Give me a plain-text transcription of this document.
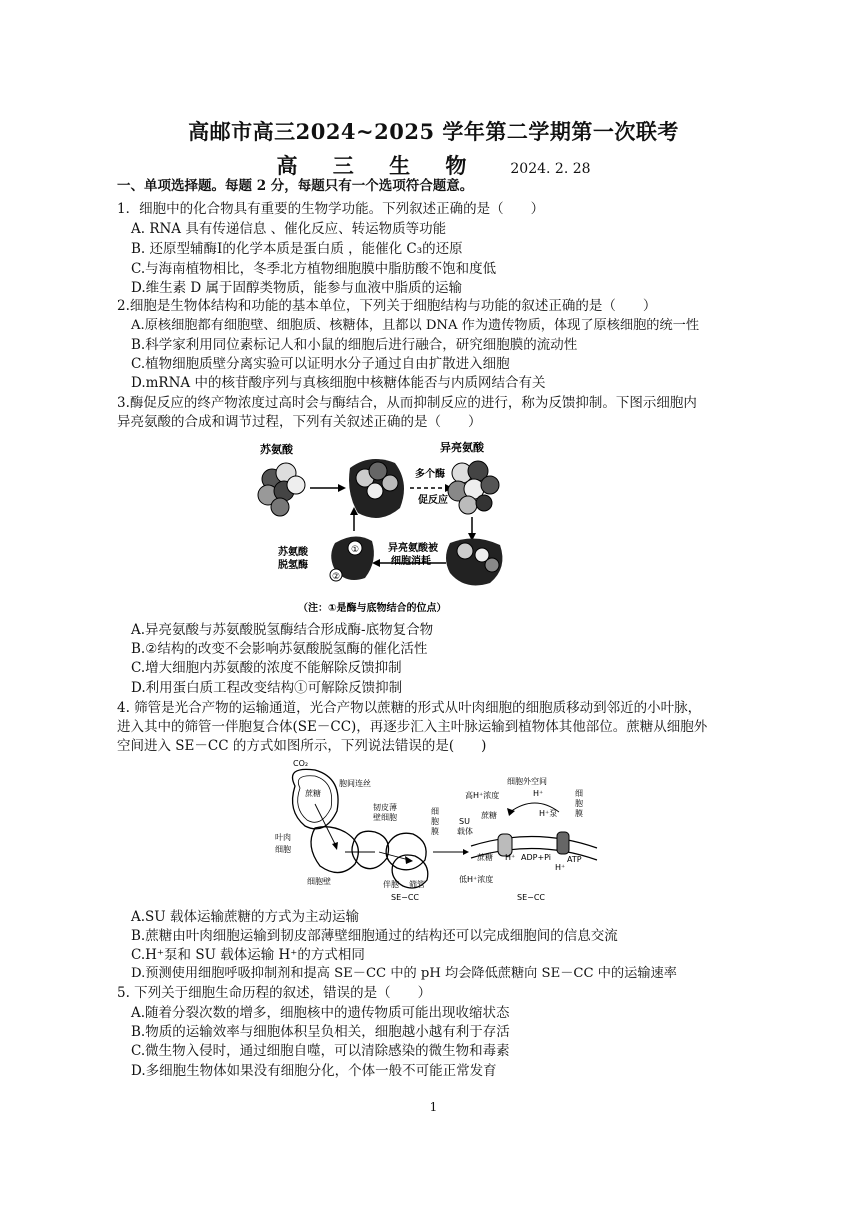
高邮市高三2024~2025 学年第二学期第一次联考
高 三 生 物 2024. 2. 28
一、单项选择题。每题 2 分，每题只有一个选项符合题意。
1．细胞中的化合物具有重要的生物学功能。下列叙述正确的是（　　）
A. RNA 具有传递信息 、催化反应、转运物质等功能
B. 还原型辅酶Ⅰ的化学本质是蛋白质 ，能催化 C₃的还原
C.与海南植物相比，冬季北方植物细胞膜中脂肪酸不饱和度低
D.维生素 D 属于固醇类物质，能参与血液中脂质的运输
2.细胞是生物体结构和功能的基本单位，下列关于细胞结构与功能的叙述正确的是（　　）
A.原核细胞都有细胞壁、细胞质、核糖体，且都以 DNA 作为遗传物质，体现了原核细胞的统一性
B.科学家利用同位素标记人和小鼠的细胞后进行融合，研究细胞膜的流动性
C.植物细胞质壁分离实验可以证明水分子通过自由扩散进入细胞
D.mRNA 中的核苷酸序列与真核细胞中核糖体能否与内质网结合有关
3.酶促反应的终产物浓度过高时会与酶结合，从而抑制反应的进行，称为反馈抑制。下图示细胞内
异亮氨酸的合成和调节过程，下列有关叙述正确的是（　　）
苏氨酸
多个酶
促反应
异亮氨酸
异亮氨酸被
细胞消耗
①
②
苏氨酸
脱氢酶
（注：①是酶与底物结合的位点）
A.异亮氨酸与苏氨酸脱氢酶结合形成酶-底物复合物
B.②结构的改变不会影响苏氨酸脱氢酶的催化活性
C.增大细胞内苏氨酸的浓度不能解除反馈抑制
D.利用蛋白质工程改变结构①可解除反馈抑制
4. 筛管是光合产物的运输通道，光合产物以蔗糖的形式从叶肉细胞的细胞质移动到邻近的小叶脉，
进入其中的筛管一伴胞复合体(SE－CC)，再逐步汇入主叶脉运输到植物体其他部位。蔗糖从细胞外
空间进入 SE－CC 的方式如图所示，下列说法错误的是(　　)
CO₂
蔗糖
胞间连丝
韧皮薄
壁细胞
叶肉
细胞
细胞壁	伴胞 筛管
SE−CC
细
胞
膜
细胞外空间
高H⁺浓度	H⁺
SU
载体
蔗糖	H⁺泵
细
胞
膜
蔗糖 H⁺ ADP+Pi ATP
H⁺
低H⁺浓度
SE−CC
A.SU 载体运输蔗糖的方式为主动运输
B.蔗糖由叶肉细胞运输到韧皮部薄壁细胞通过的结构还可以完成细胞间的信息交流
C.H⁺泵和 SU 载体运输 H⁺的方式相同
D.预测使用细胞呼吸抑制剂和提高 SE－CC 中的 pH 均会降低蔗糖向 SE－CC 中的运输速率
5. 下列关于细胞生命历程的叙述，错误的是（　　）
A.随着分裂次数的增多，细胞核中的遗传物质可能出现收缩状态
B.物质的运输效率与细胞体积呈负相关，细胞越小越有利于存活
C.微生物入侵时，通过细胞自噬，可以清除感染的微生物和毒素
D.多细胞生物体如果没有细胞分化，个体一般不可能正常发育
1
